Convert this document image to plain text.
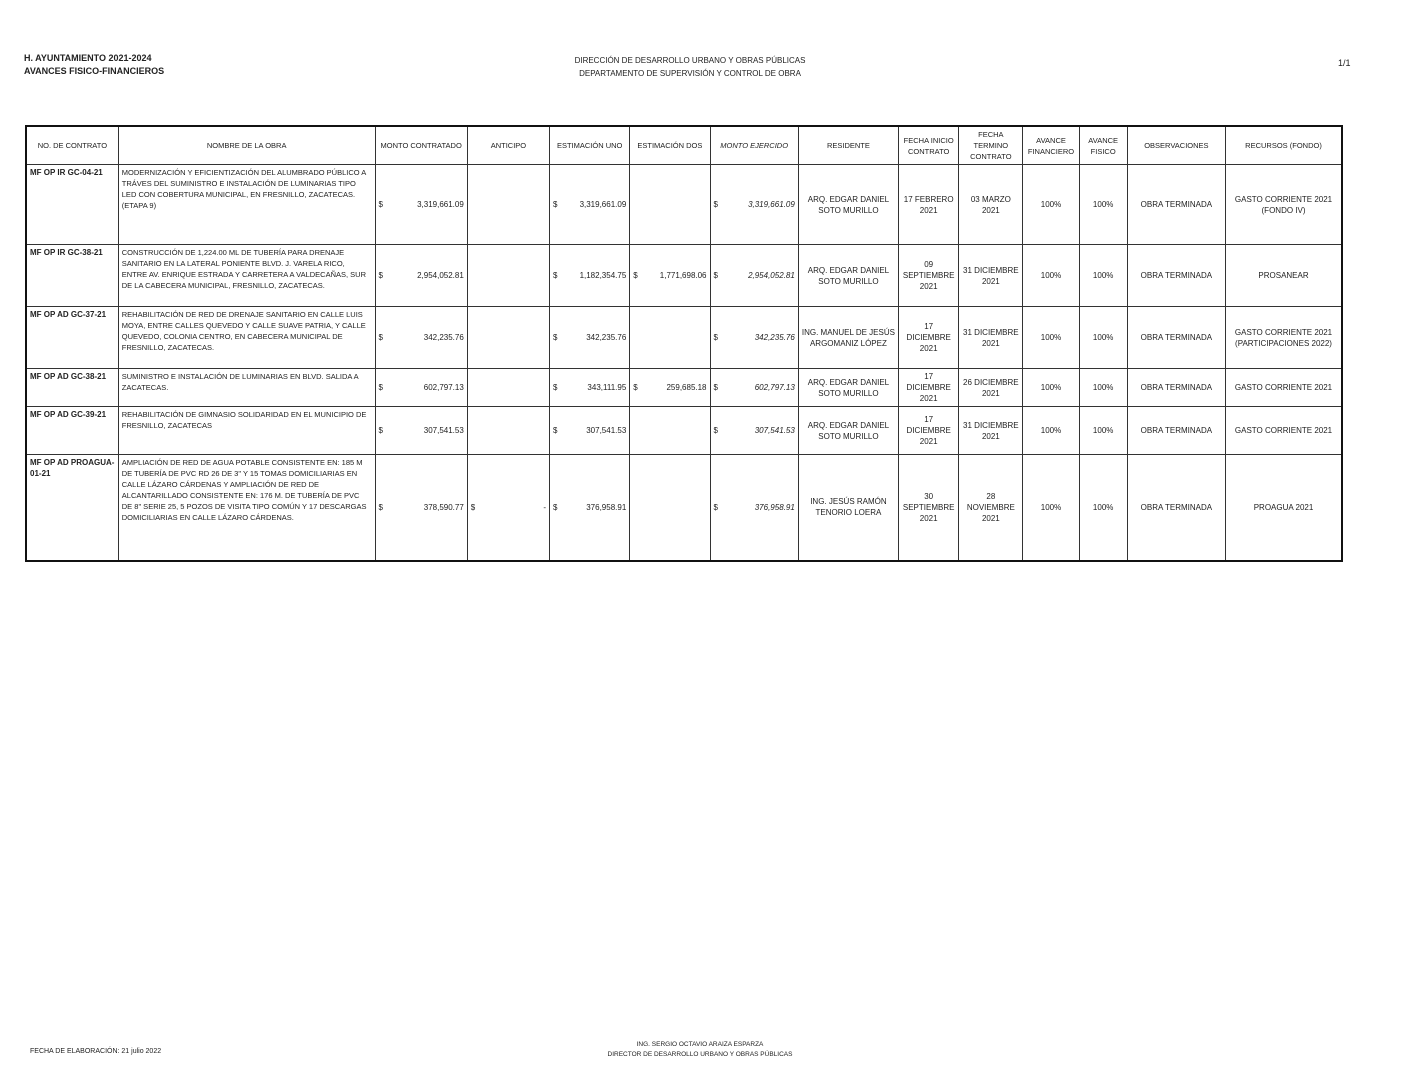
H. AYUNTAMIENTO 2021-2024
AVANCES FISICO-FINANCIEROS
DIRECCIÓN DE DESARROLLO URBANO Y OBRAS PÚBLICAS
DEPARTAMENTO DE SUPERVISIÓN Y CONTROL DE OBRA
1/1
NO. DE CONTRATO	NOMBRE DE LA OBRA	MONTO CONTRATADO	ANTICIPO	ESTIMACIÓN UNO	ESTIMACIÓN DOS	MONTO EJERCIDO	RESIDENTE	FECHA INICIO CONTRATO	FECHA TERMINO CONTRATO	AVANCE FINANCIERO	AVANCE FISICO	OBSERVACIONES	RECURSOS (FONDO)
MF OP IR GC-04-21	MODERNIZACIÓN Y EFICIENTIZACIÓN DEL ALUMBRADO PÚBLICO A TRÁVES DEL SUMINISTRO E INSTALACIÓN DE LUMINARIAS TIPO LED CON COBERTURA MUNICIPAL, EN FRESNILLO, ZACATECAS. (ETAPA 9)	$ 3,319,661.09		$ 3,319,661.09		$ 3,319,661.09	ARQ. EDGAR DANIEL SOTO MURILLO	17 FEBRERO 2021	03 MARZO 2021	100%	100%	OBRA TERMINADA	GASTO CORRIENTE 2021 (FONDO IV)
MF OP IR GC-38-21	CONSTRUCCIÓN DE 1,224.00 ML DE TUBERÍA PARA DRENAJE SANITARIO EN LA LATERAL PONIENTE BLVD. J. VARELA RICO, ENTRE AV. ENRIQUE ESTRADA Y CARRETERA A VALDECAÑAS, SUR DE LA CABECERA MUNICIPAL, FRESNILLO, ZACATECAS.	$ 2,954,052.81		$ 1,182,354.75	$ 1,771,698.06	$ 2,954,052.81	ARQ. EDGAR DANIEL SOTO MURILLO	09 SEPTIEMBRE 2021	31 DICIEMBRE 2021	100%	100%	OBRA TERMINADA	PROSANEAR
MF OP AD GC-37-21	REHABILITACIÓN DE RED DE DRENAJE SANITARIO EN CALLE LUIS MOYA, ENTRE CALLES QUEVEDO Y CALLE SUAVE PATRIA, Y CALLE QUEVEDO, COLONIA CENTRO, EN CABECERA MUNICIPAL DE FRESNILLO, ZACATECAS.	$ 342,235.76		$ 342,235.76		$ 342,235.76	ING. MANUEL DE JESÚS ARGOMANIZ LÓPEZ	17 DICIEMBRE 2021	31 DICIEMBRE 2021	100%	100%	OBRA TERMINADA	GASTO CORRIENTE 2021 (PARTICIPACIONES 2022)
MF OP AD GC-38-21	SUMINISTRO E INSTALACIÓN DE LUMINARIAS EN BLVD. SALIDA A ZACATECAS.	$ 602,797.13		$ 343,111.95	$ 259,685.18	$ 602,797.13	ARQ. EDGAR DANIEL SOTO MURILLO	17 DICIEMBRE 2021	26 DICIEMBRE 2021	100%	100%	OBRA TERMINADA	GASTO CORRIENTE 2021
MF OP AD GC-39-21	REHABILITACIÓN DE GIMNASIO SOLIDARIDAD EN EL MUNICIPIO DE FRESNILLO, ZACATECAS	$ 307,541.53		$ 307,541.53		$ 307,541.53	ARQ. EDGAR DANIEL SOTO MURILLO	17 DICIEMBRE 2021	31 DICIEMBRE 2021	100%	100%	OBRA TERMINADA	GASTO CORRIENTE 2021
MF OP AD PROAGUA-01-21	AMPLIACIÓN DE RED DE AGUA POTABLE CONSISTENTE EN: 185 M DE TUBERÍA DE PVC RD 26 DE 3" Y 15 TOMAS DOMICILIARIAS EN CALLE LÁZARO CÁRDENAS Y AMPLIACIÓN DE RED DE ALCANTARILLADO CONSISTENTE EN: 176 M. DE TUBERÍA DE PVC DE 8" SERIE 25, 5 POZOS DE VISITA TIPO COMÚN Y 17 DESCARGAS DOMICILIARIAS EN CALLE LÁZARO CÁRDENAS.	$ 378,590.77	$ -	$ 376,958.91		$ 376,958.91	ING. JESÚS RAMÓN TENORIO LOERA	30 SEPTIEMBRE 2021	28 NOVIEMBRE 2021	100%	100%	OBRA TERMINADA	PROAGUA 2021
FECHA DE ELABORACIÓN: 21 julio 2022
ING. SERGIO OCTAVIO ARAIZA ESPARZA
DIRECTOR DE DESARROLLO URBANO Y OBRAS PÚBLICAS
